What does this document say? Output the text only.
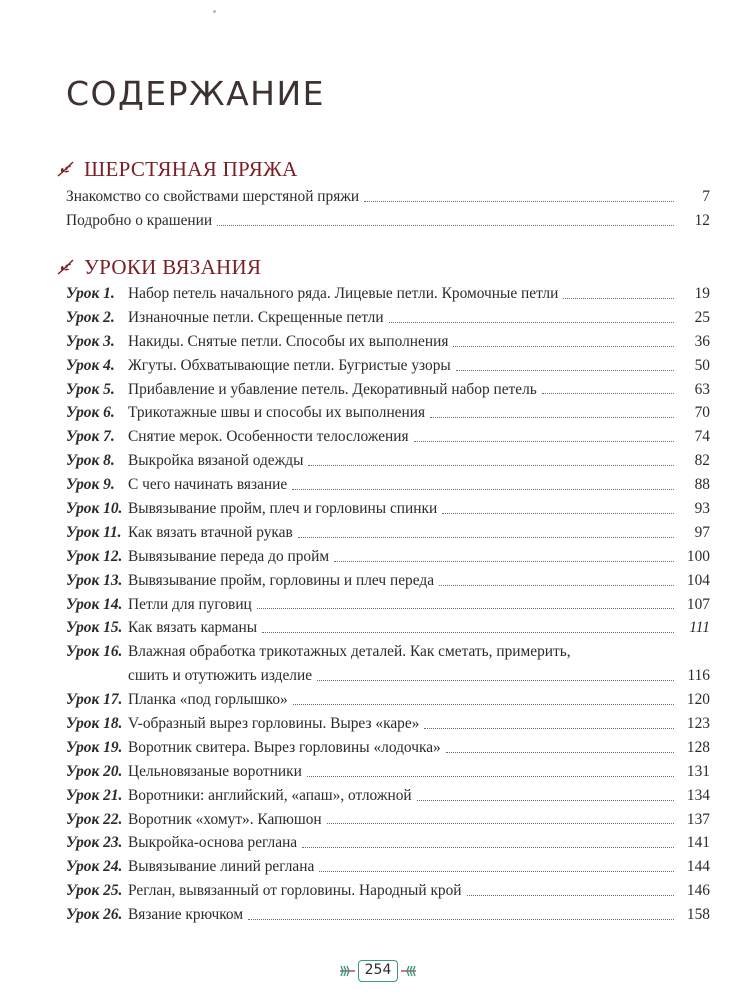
СОДЕРЖАНИЕ
ШЕРСТЯНАЯ ПРЯЖА
Знакомство со свойствами шерстяной пряжи	7
Подробно о крашении	12
УРОКИ ВЯЗАНИЯ
Урок 1. Набор петель начального ряда. Лицевые петли. Кромочные петли	19
Урок 2. Изнаночные петли. Скрещенные петли	25
Урок 3. Накиды. Снятые петли. Способы их выполнения	36
Урок 4. Жгуты. Обхватывающие петли. Бугристые узоры	50
Урок 5. Прибавление и убавление петель. Декоративный набор петель	63
Урок 6. Трикотажные швы и способы их выполнения	70
Урок 7. Снятие мерок. Особенности телосложения	74
Урок 8. Выкройка вязаной одежды	82
Урок 9. С чего начинать вязание	88
Урок 10. Вывязывание пройм, плеч и горловины спинки	93
Урок 11. Как вязать втачной рукав	97
Урок 12. Вывязывание переда до пройм	100
Урок 13. Вывязывание пройм, горловины и плеч переда	104
Урок 14. Петли для пуговиц	107
Урок 15. Как вязать карманы	111
Урок 16. Влажная обработка трикотажных деталей. Как сметать, примерить,
сшить и отутюжить изделие	116
Урок 17. Планка «под горлышко»	120
Урок 18. V-образный вырез горловины. Вырез «каре»	123
Урок 19. Воротник свитера. Вырез горловины «лодочка»	128
Урок 20. Цельновязаные воротники	131
Урок 21. Воротники: английский, «апаш», отложной	134
Урок 22. Воротник «хомут». Капюшон	137
Урок 23. Выкройка-основа реглана	141
Урок 24. Вывязывание линий реглана	144
Урок 25. Реглан, вывязанный от горловины. Народный крой	146
Урок 26. Вязание крючком	158
254
